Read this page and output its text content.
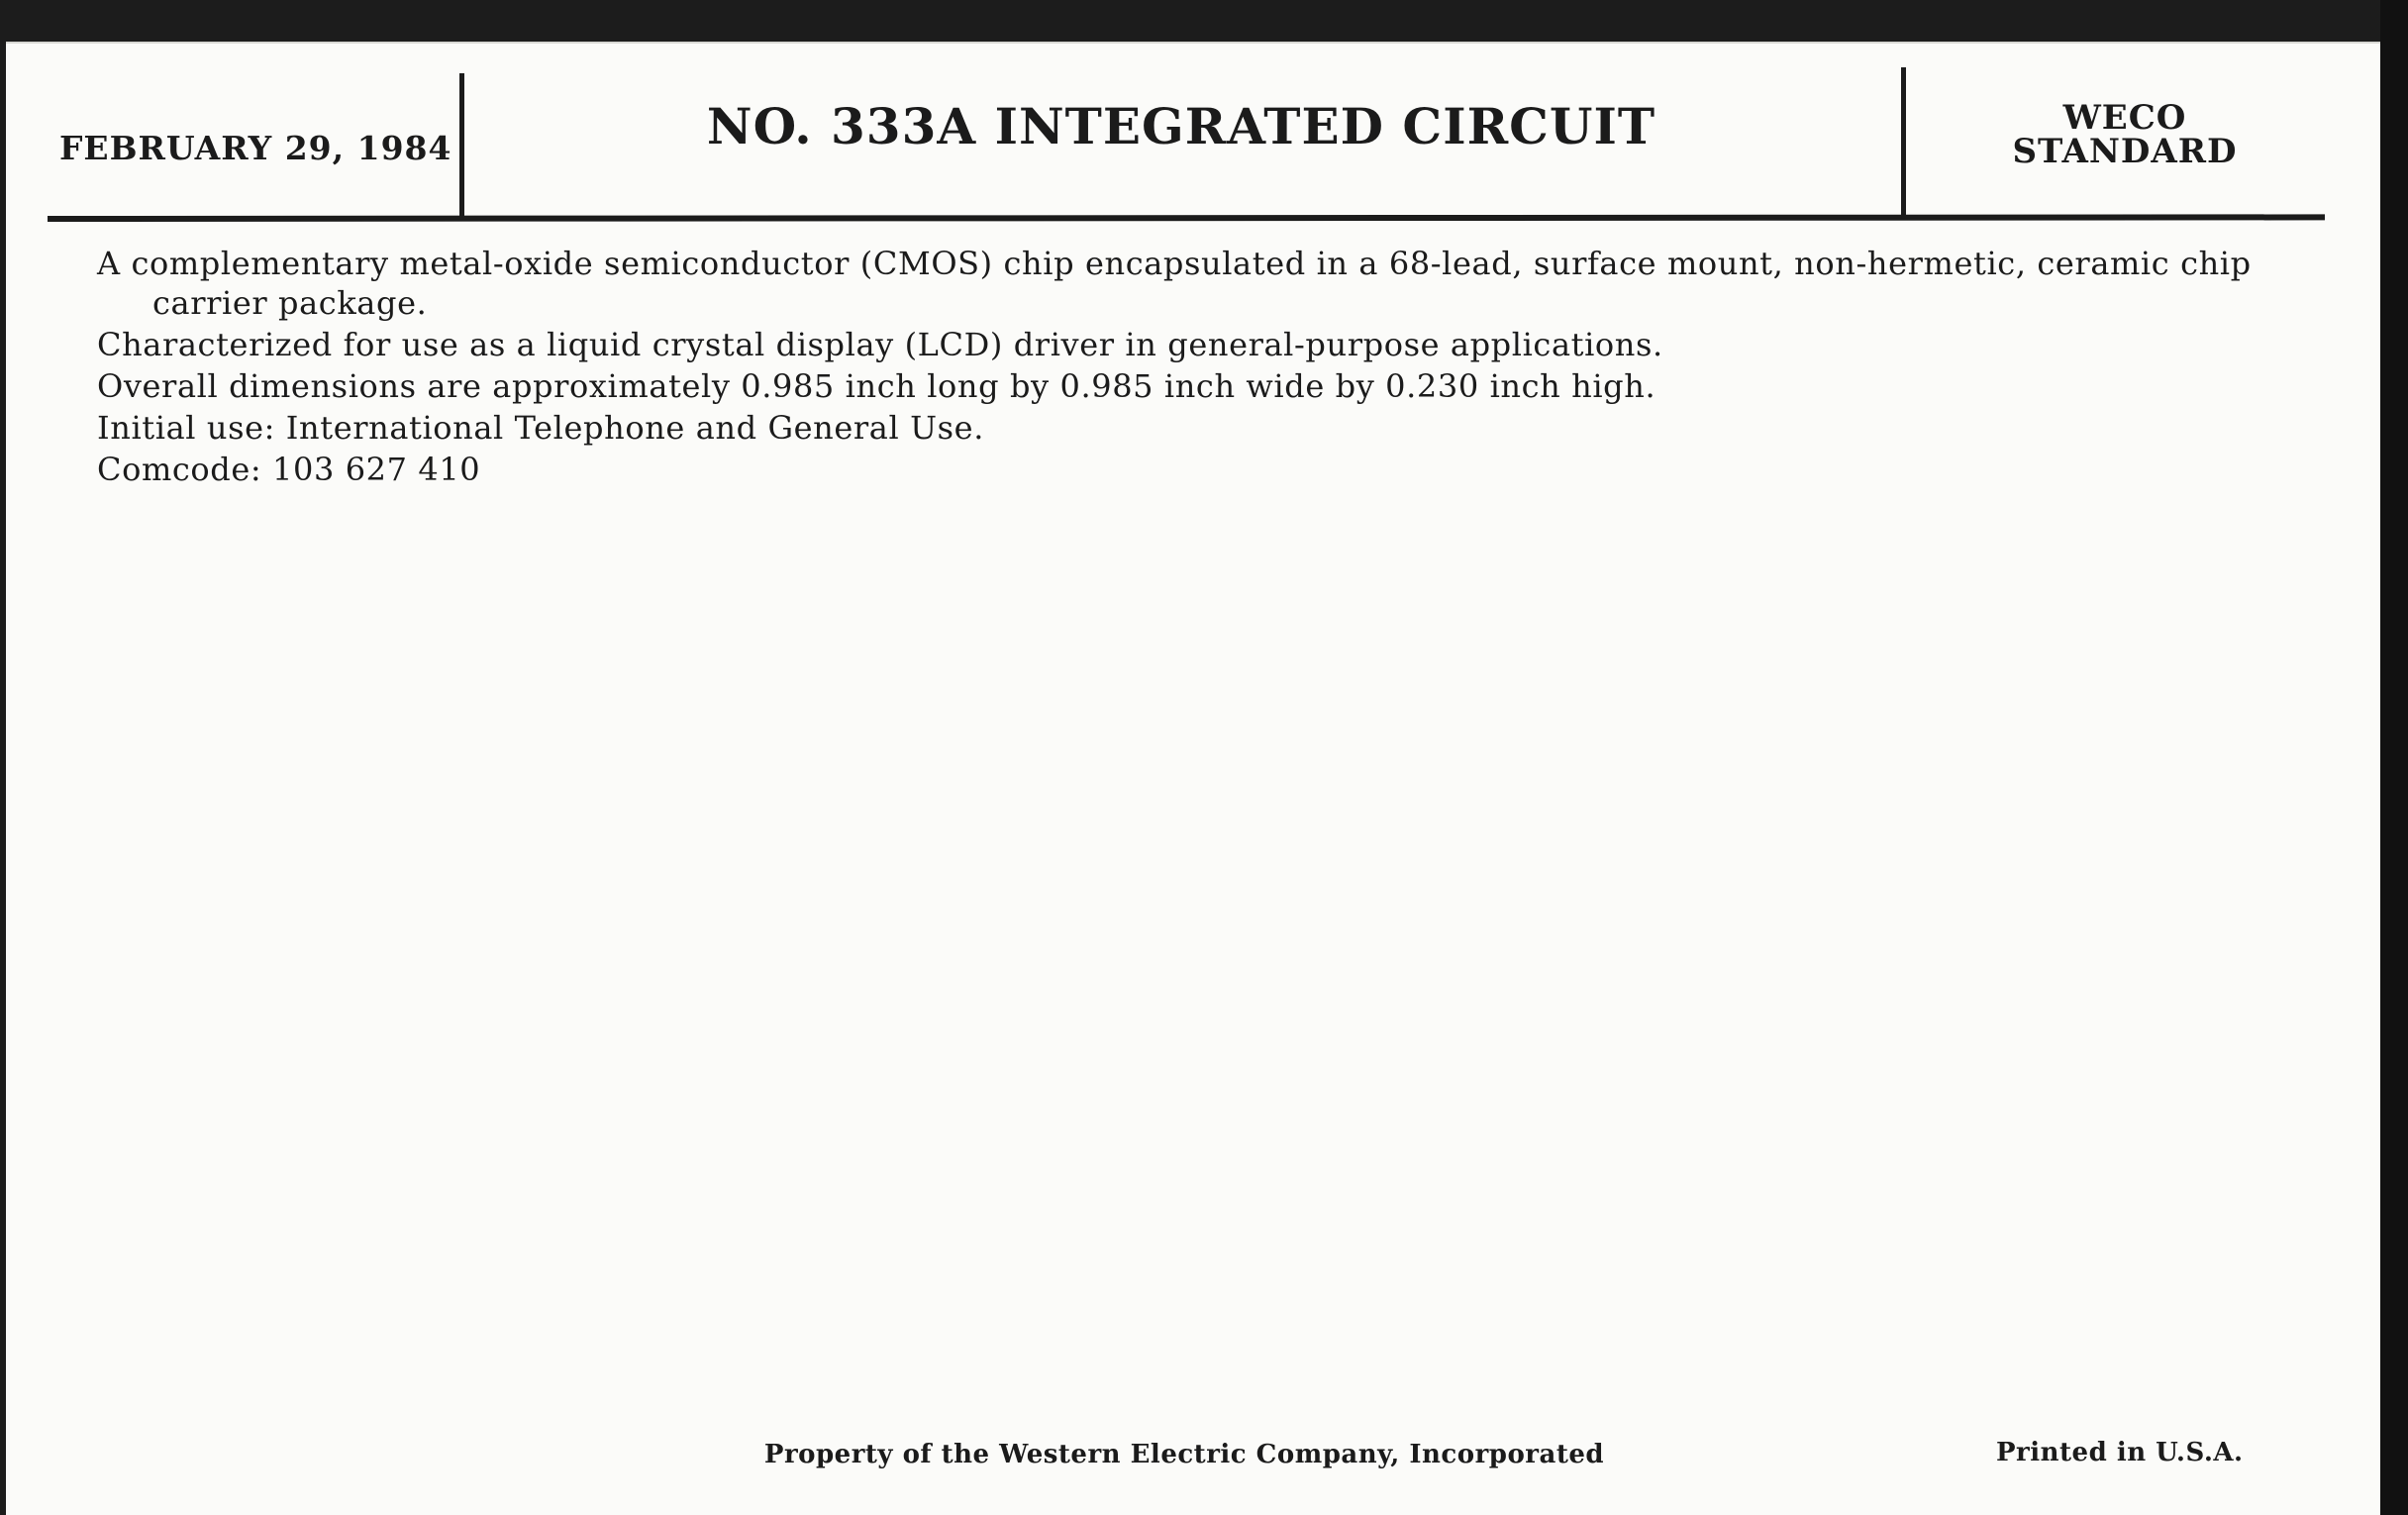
FEBRUARY 29, 1984	NO. 333A INTEGRATED CIRCUIT	WECO
STANDARD

A complementary metal-oxide semiconductor (CMOS) chip encapsulated in a 68-lead, surface mount, non-hermetic, ceramic chip carrier package.

Characterized for use as a liquid crystal display (LCD) driver in general-purpose applications.

Overall dimensions are approximately 0.985 inch long by 0.985 inch wide by 0.230 inch high.

Initial use: International Telephone and General Use.

Comcode: 103 627 410

Property of the Western Electric Company, Incorporated	Printed in U.S.A.
